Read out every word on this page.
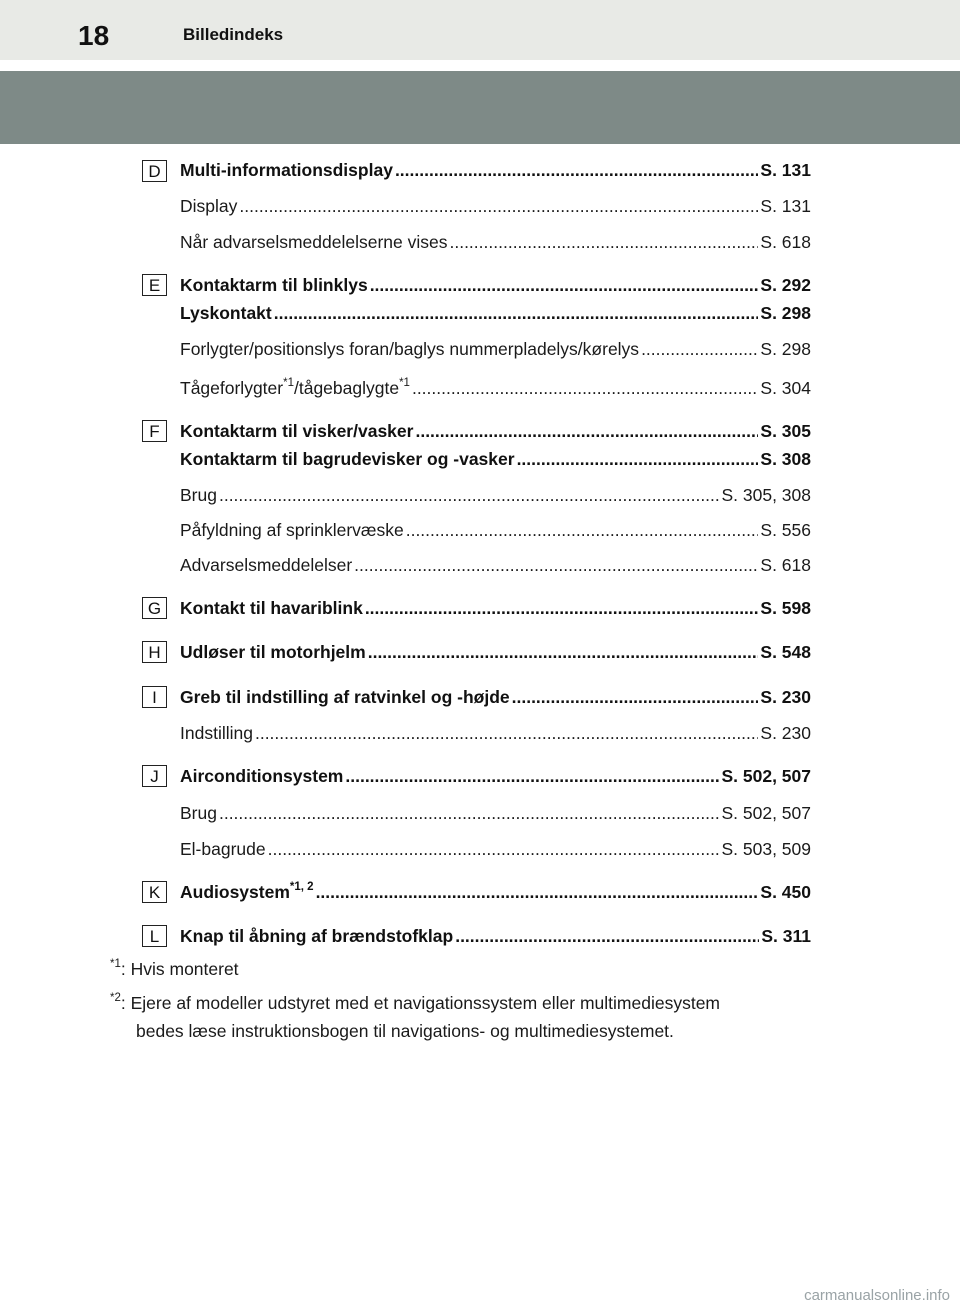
18	Billedindeks
D	Multi-informationsdisplay .....	S. 131
Display .....	S. 131
Når advarselsmeddelelserne vises .....	S. 618
E	Kontaktarm til blinklys .....	S. 292
Lyskontakt .....	S. 298
Forlygter/positionslys foran/baglys nummerpladelys/kørelys .....	S. 298
Tågeforlygter$^{*1}$/tågebaglygte$^{*1}$ .....	S. 304
F	Kontaktarm til visker/vasker .....	S. 305
Kontaktarm til bagrudevisker og -vasker .....	S. 308
Brug .....	S. 305, 308
Påfyldning af sprinklervæske .....	S. 556
Advarselsmeddelelser .....	S. 618
G	Kontakt til havariblink .....	S. 598
H	Udløser til motorhjelm .....	S. 548
I	Greb til indstilling af ratvinkel og -højde .....	S. 230
Indstilling .....	S. 230
J	Airconditionsystem .....	S. 502, 507
Brug .....	S. 502, 507
El-bagrude .....	S. 503, 509
K	Audiosystem$^{*1, 2}$ .....	S. 450
L	Knap til åbning af brændstofklap .....	S. 311
$^{*1}$: Hvis monteret
$^{*2}$: Ejere af modeller udstyret med et navigationssystem eller multimediesystem
bedes læse instruktionsbogen til navigations- og multimediesystemet.
carmanualsonline.info
